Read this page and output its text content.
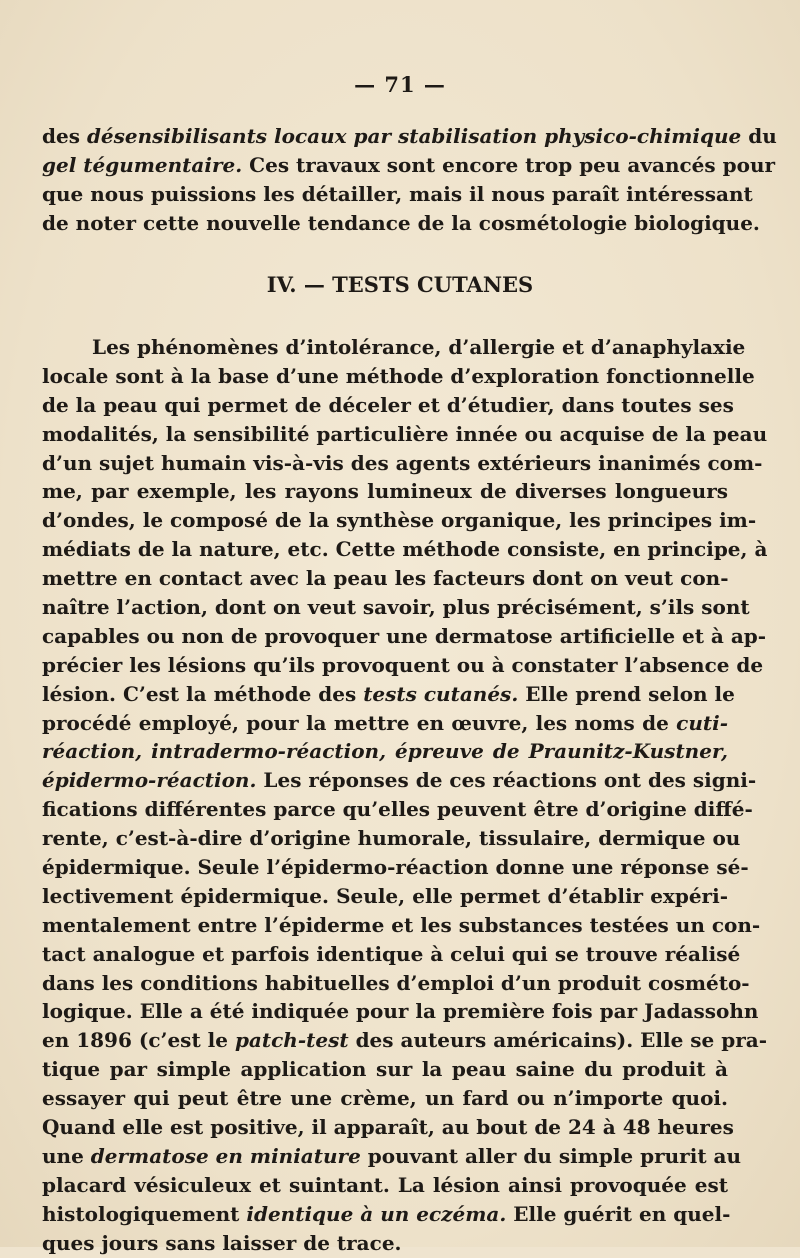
— 71 —
des désensibilisants locaux par stabilisation physico-chimique du
gel tégumentaire. Ces travaux sont encore trop peu avancés pour
que nous puissions les détailler, mais il nous paraît intéressant
de noter cette nouvelle tendance de la cosmétologie biologique.
IV. — TESTS CUTANES
Les phénomènes d’intolérance, d’allergie et d’anaphylaxie
locale sont à la base d’une méthode d’exploration fonctionnelle
de la peau qui permet de déceler et d’étudier, dans toutes ses
modalités, la sensibilité particulière innée ou acquise de la peau
d’un sujet humain vis-à-vis des agents extérieurs inanimés com-
me, par exemple, les rayons lumineux de diverses longueurs
d’ondes, le composé de la synthèse organique, les principes im-
médiats de la nature, etc. Cette méthode consiste, en principe, à
mettre en contact avec la peau les facteurs dont on veut con-
naître l’action, dont on veut savoir, plus précisément, s’ils sont
capables ou non de provoquer une dermatose artificielle et à ap-
précier les lésions qu’ils provoquent ou à constater l’absence de
lésion. C’est la méthode des tests cutanés. Elle prend selon le
procédé employé, pour la mettre en œuvre, les noms de cuti-
réaction, intradermo-réaction, épreuve de Praunitz-Kustner,
épidermo-réaction. Les réponses de ces réactions ont des signi-
fications différentes parce qu’elles peuvent être d’origine diffé-
rente, c’est-à-dire d’origine humorale, tissulaire, dermique ou
épidermique. Seule l’épidermo-réaction donne une réponse sé-
lectivement épidermique. Seule, elle permet d’établir expéri-
mentalement entre l’épiderme et les substances testées un con-
tact analogue et parfois identique à celui qui se trouve réalisé
dans les conditions habituelles d’emploi d’un produit cosméto-
logique. Elle a été indiquée pour la première fois par Jadassohn
en 1896 (c’est le patch-test des auteurs américains). Elle se pra-
tique par simple application sur la peau saine du produit à
essayer qui peut être une crème, un fard ou n’importe quoi.
Quand elle est positive, il apparaît, au bout de 24 à 48 heures
une dermatose en miniature pouvant aller du simple prurit au
placard vésiculeux et suintant. La lésion ainsi provoquée est
histologiquement identique à un eczéma. Elle guérit en quel-
ques jours sans laisser de trace.
